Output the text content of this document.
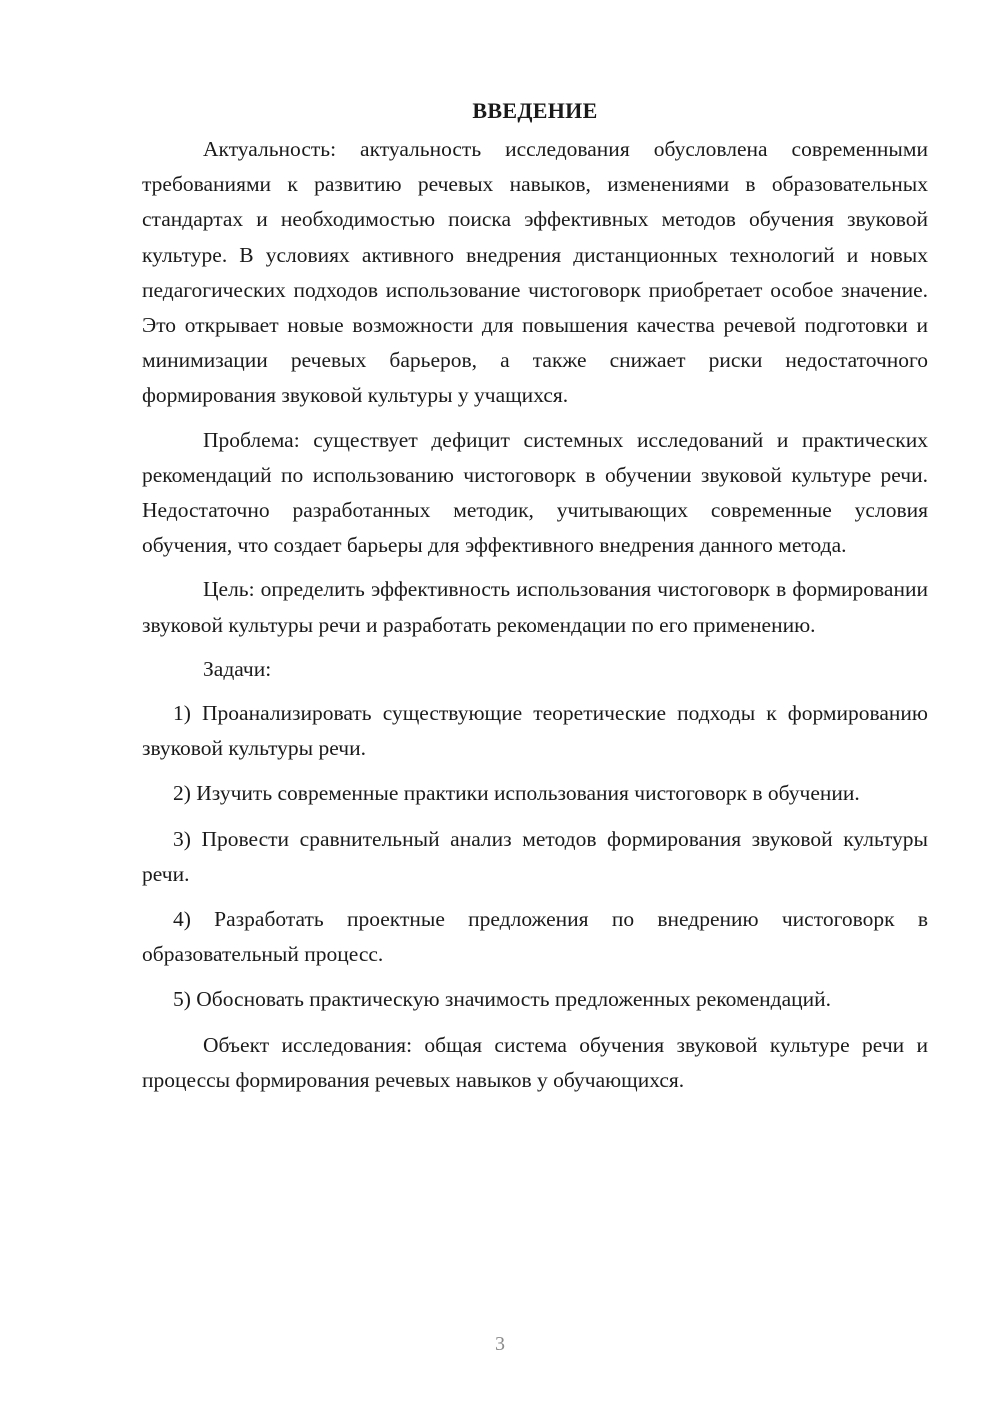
ВВЕДЕНИЕ

Актуальность: актуальность исследования обусловлена современными требованиями к развитию речевых навыков, изменениями в образовательных стандартах и необходимостью поиска эффективных методов обучения звуковой культуре. В условиях активного внедрения дистанционных технологий и новых педагогических подходов использование чистоговорк приобретает особое значение. Это открывает новые возможности для повышения качества речевой подготовки и минимизации речевых барьеров, а также снижает риски недостаточного формирования звуковой культуры у учащихся.

Проблема: существует дефицит системных исследований и практических рекомендаций по использованию чистоговорк в обучении звуковой культуре речи. Недостаточно разработанных методик, учитывающих современные условия обучения, что создает барьеры для эффективного внедрения данного метода.

Цель: определить эффективность использования чистоговорк в формировании звуковой культуры речи и разработать рекомендации по его применению.

Задачи:

1) Проанализировать существующие теоретические подходы к формированию звуковой культуры речи.

2) Изучить современные практики использования чистоговорк в обучении.

3) Провести сравнительный анализ методов формирования звуковой культуры речи.

4) Разработать проектные предложения по внедрению чистоговорк в образовательный процесс.

5) Обосновать практическую значимость предложенных рекомендаций.

Объект исследования: общая система обучения звуковой культуре речи и процессы формирования речевых навыков у обучающихся.

3
